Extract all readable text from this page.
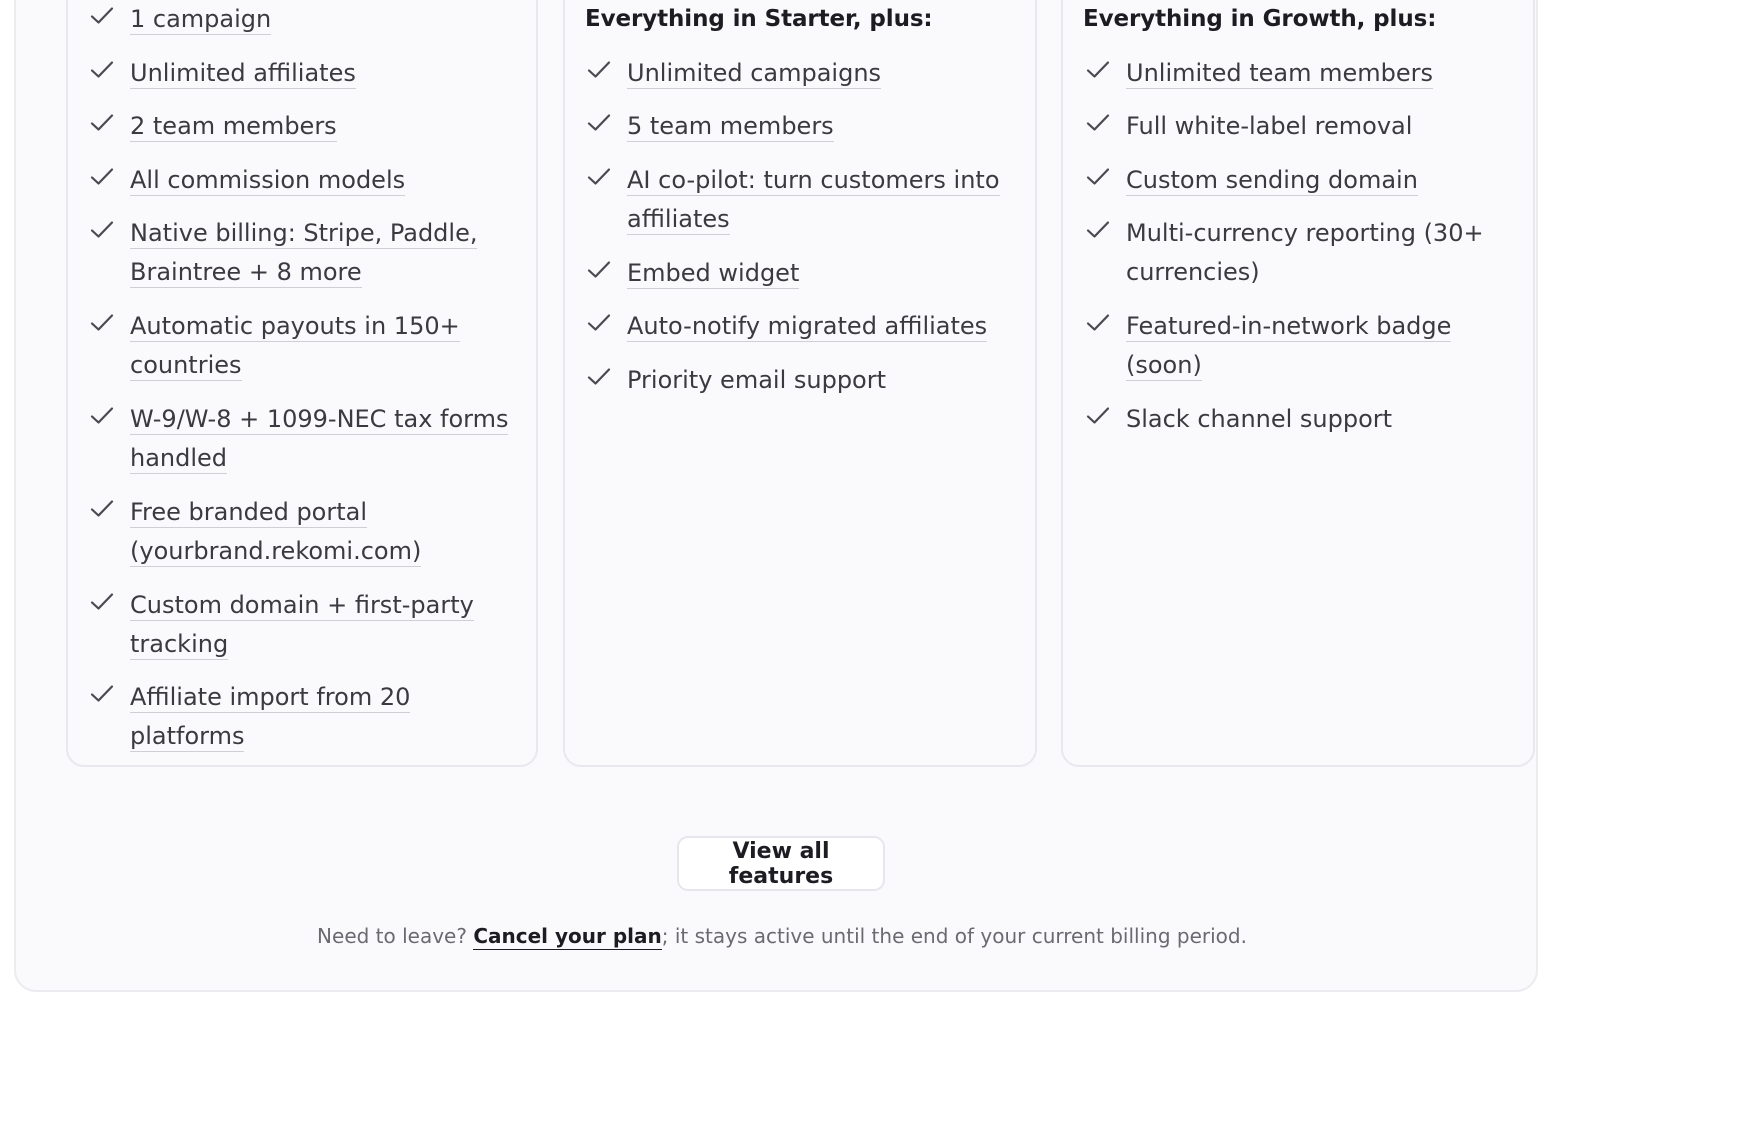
Everything in Starter, plus:	Everything in Growth, plus:
1 campaign
Unlimited affiliates
2 team members
All commission models
Native billing: Stripe, Paddle,
Braintree + 8 more
Automatic payouts in 150+
countries
W-9/W-8 + 1099-NEC tax forms
handled
Free branded portal
(yourbrand.rekomi.com)
Custom domain + first-party
tracking
Affiliate import from 20
platforms
Unlimited campaigns
5 team members
AI co-pilot: turn customers into
affiliates
Embed widget
Auto-notify migrated affiliates
Priority email support
Unlimited team members
Full white-label removal
Custom sending domain
Multi-currency reporting (30+
currencies)
Featured-in-network badge
(soon)
Slack channel support
View all features
Need to leave? Cancel your plan; it stays active until the end of your current billing period.
